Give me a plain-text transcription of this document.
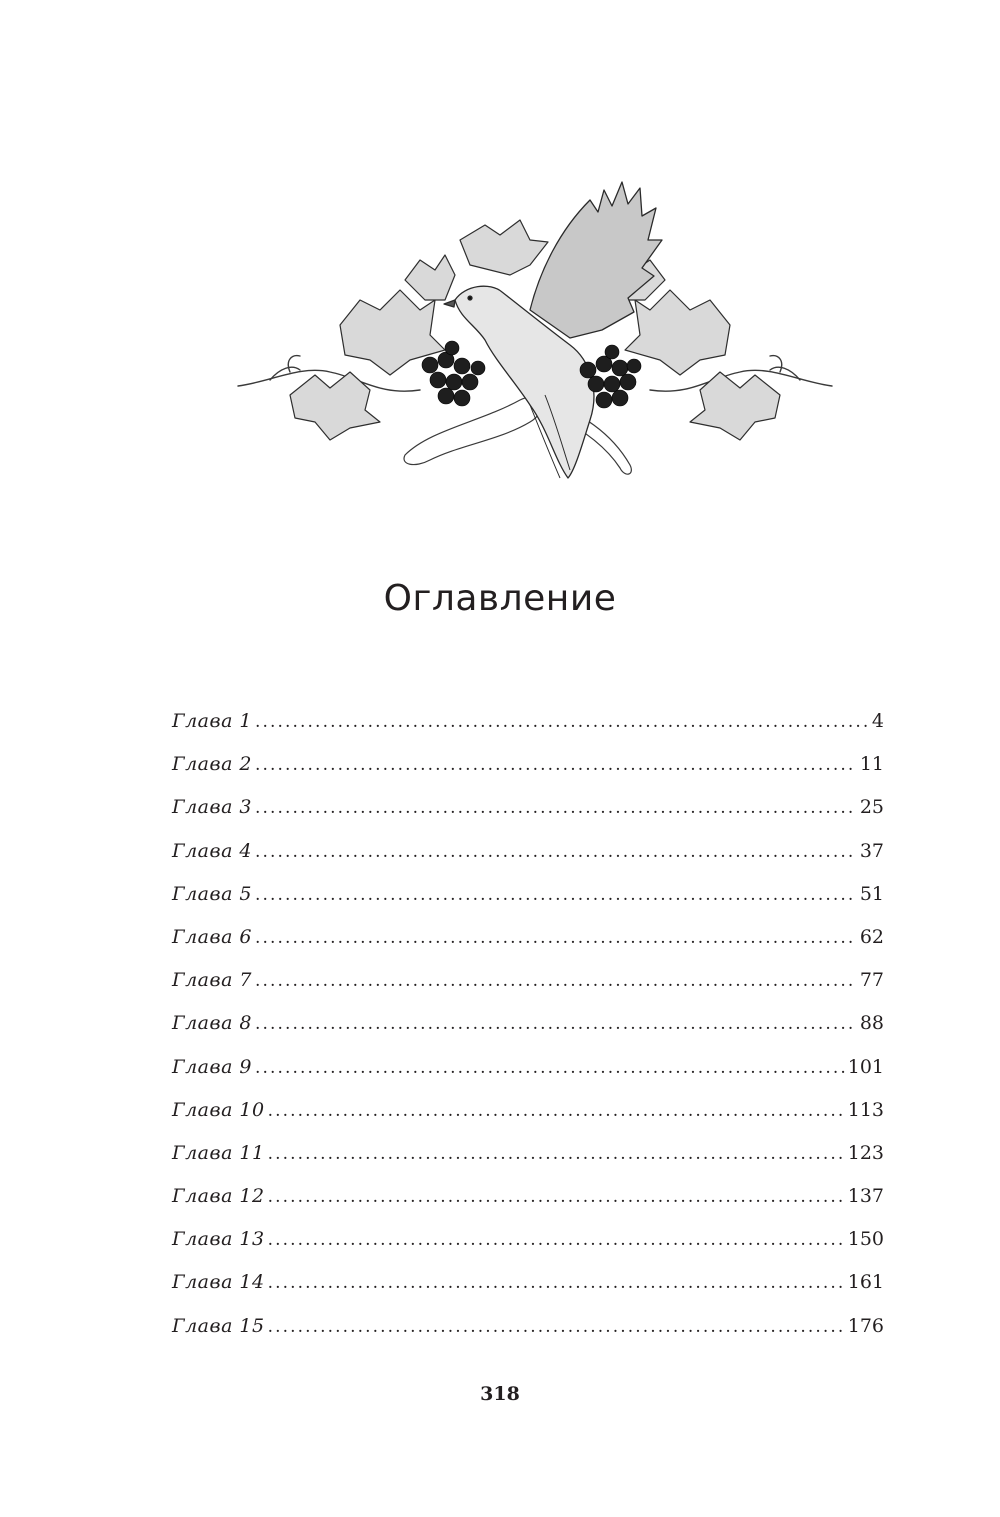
Оглавление
Глава 1 .....	4
Глава 2 .....	11
Глава 3 .....	25
Глава 4 .....	37
Глава 5 .....	51
Глава 6 .....	62
Глава 7 .....	77
Глава 8 .....	88
Глава 9 .....	101
Глава 10 .....	113
Глава 11 .....	123
Глава 12 .....	137
Глава 13 .....	150
Глава 14 .....	161
Глава 15 .....	176
318
